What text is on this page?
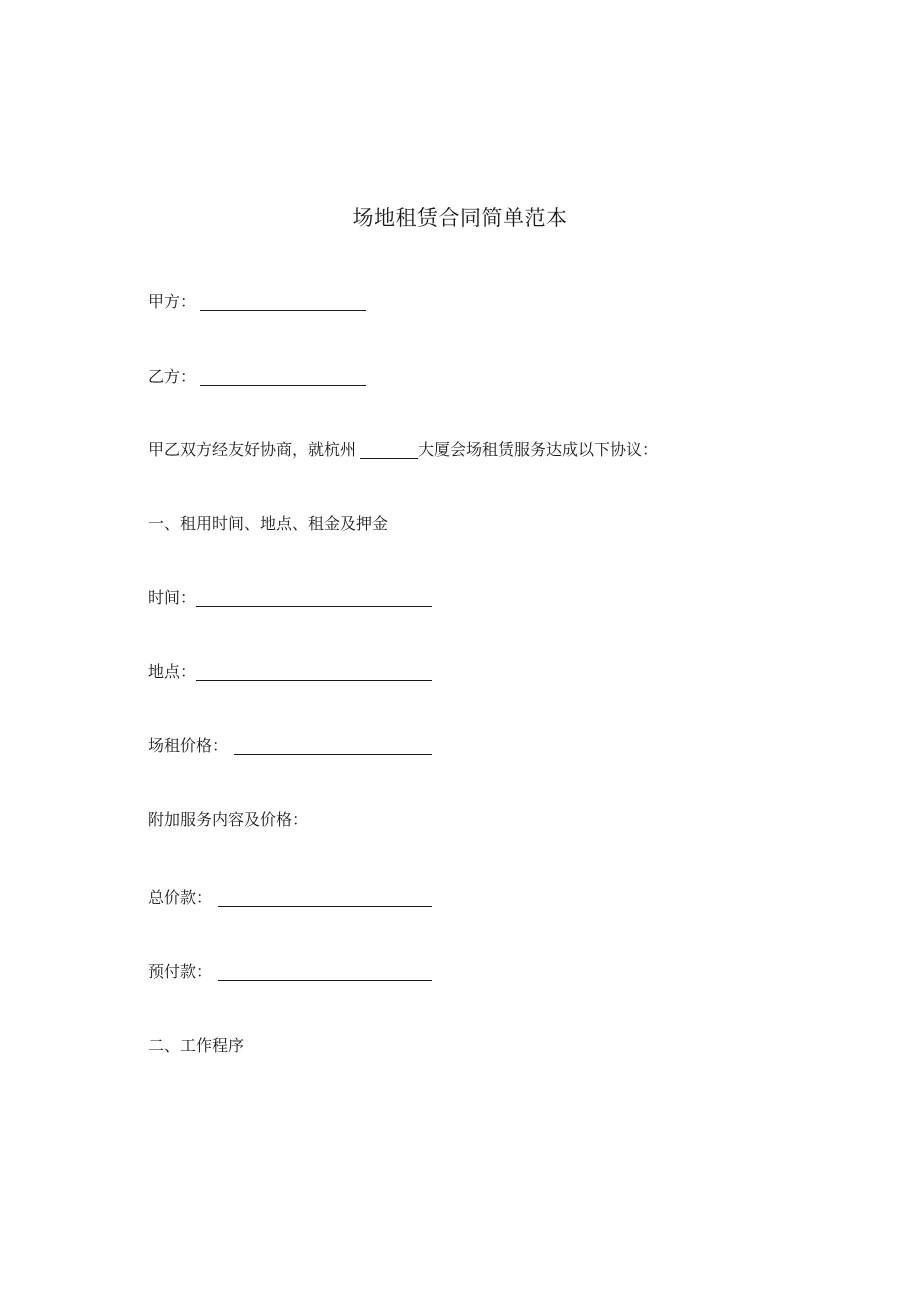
场地租赁合同简单范本
甲方：
乙方：
甲乙双方经友好协商，就杭州	大厦会场租赁服务达成以下协议：
一、租用时间、地点、租金及押金
时间：
地点：
场租价格：
附加服务内容及价格：
总价款：
预付款：
二、工作程序
